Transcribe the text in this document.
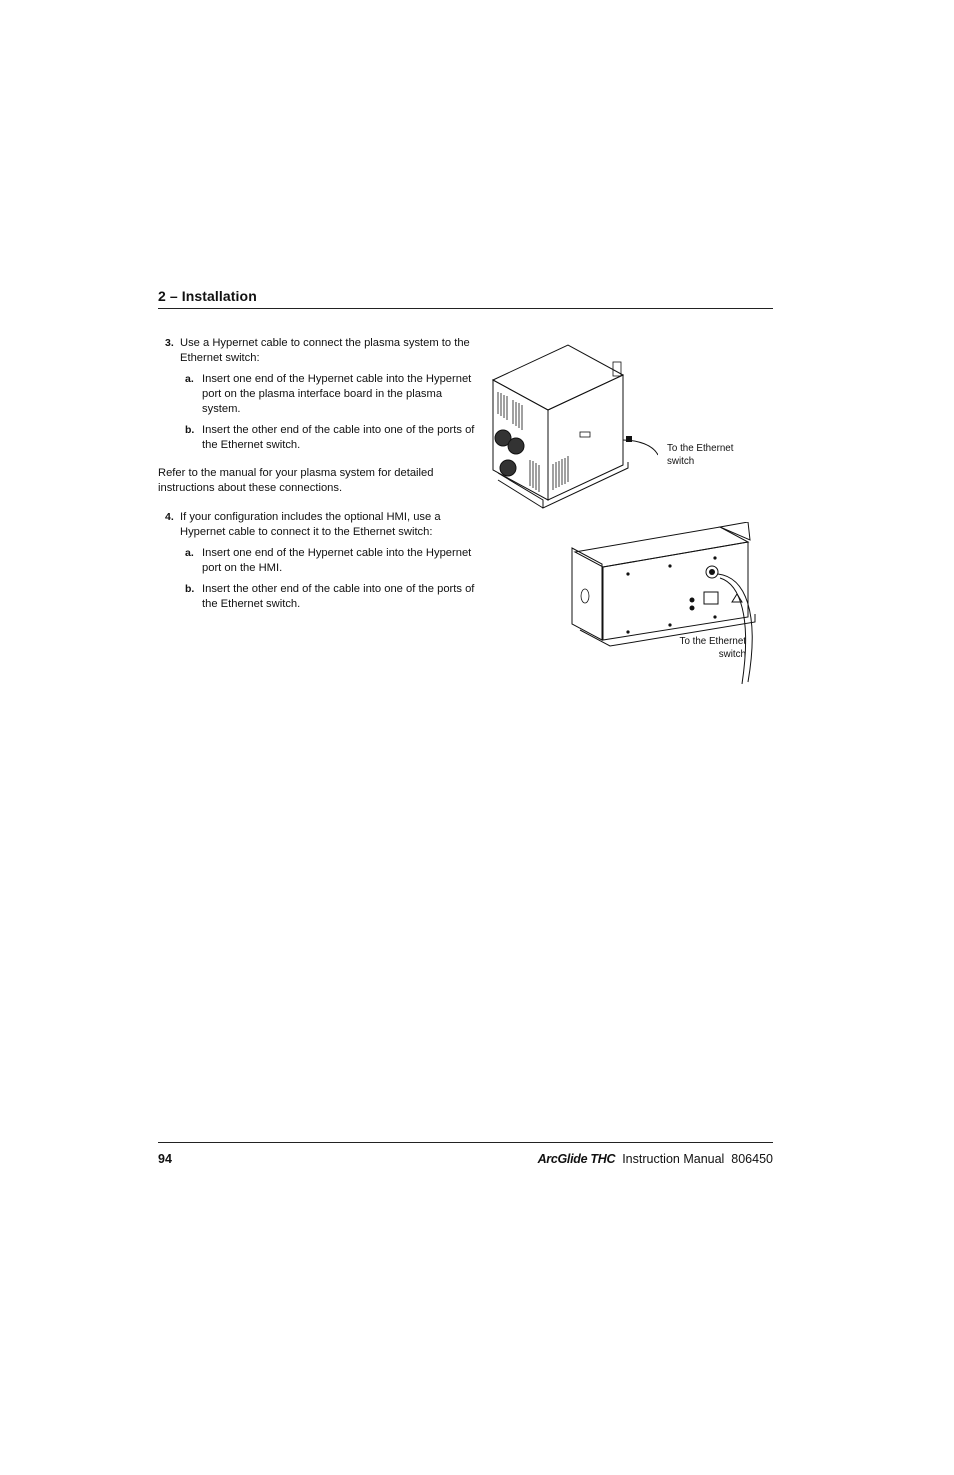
2 – Installation
3. Use a Hypernet cable to connect the plasma system to the Ethernet switch:
a. Insert one end of the Hypernet cable into the Hypernet port on the plasma interface board in the plasma system.
b. Insert the other end of the cable into one of the ports of the Ethernet switch.
Refer to the manual for your plasma system for detailed instructions about these connections.
4. If your configuration includes the optional HMI, use a Hypernet cable to connect it to the Ethernet switch:
a. Insert one end of the Hypernet cable into the Hypernet port on the HMI.
b. Insert the other end of the cable into one of the ports of the Ethernet switch.
To the Ethernet
switch
To the Ethernet
switch
94	ArcGlide THC Instruction Manual 806450
